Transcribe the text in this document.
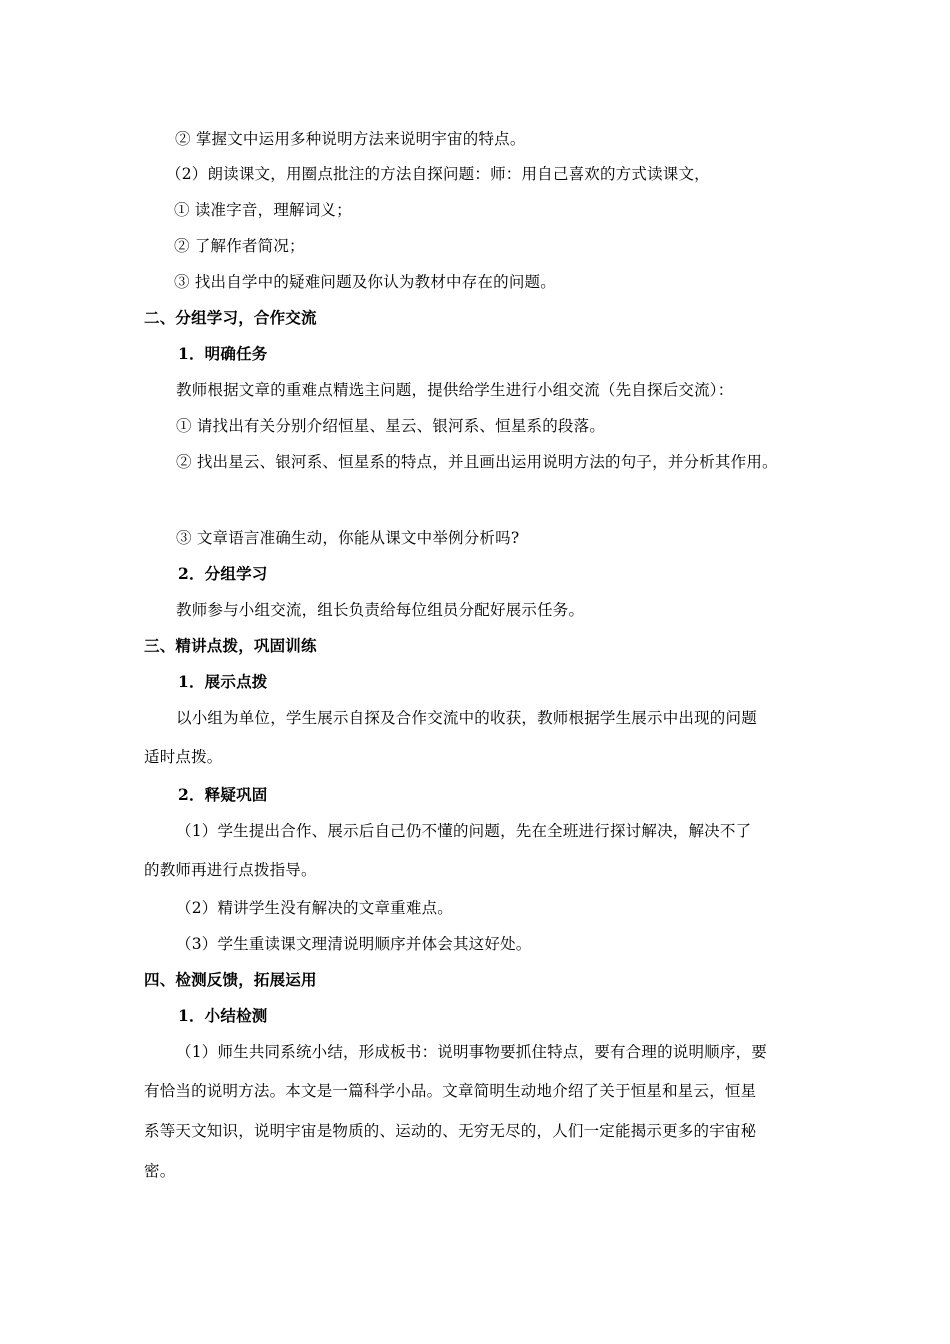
② 掌握文中运用多种说明方法来说明宇宙的特点。
（2）朗读课文，用圈点批注的方法自探问题：师：用自己喜欢的方式读课文，
① 读准字音，理解词义；
② 了解作者简况；
③ 找出自学中的疑难问题及你认为教材中存在的问题。
二、分组学习，合作交流
1．明确任务
教师根据文章的重难点精选主问题，提供给学生进行小组交流（先自探后交流）：
① 请找出有关分别介绍恒星、星云、银河系、恒星系的段落。
② 找出星云、银河系、恒星系的特点，并且画出运用说明方法的句子，并分析其作用。
③ 文章语言准确生动，你能从课文中举例分析吗?
2．分组学习
教师参与小组交流，组长负责给每位组员分配好展示任务。
三、精讲点拨，巩固训练
1．展示点拨
以小组为单位，学生展示自探及合作交流中的收获，教师根据学生展示中出现的问题
适时点拨。
2．释疑巩固
（1）学生提出合作、展示后自己仍不懂的问题，先在全班进行探讨解决，解决不了
的教师再进行点拨指导。
（2）精讲学生没有解决的文章重难点。
（3）学生重读课文理清说明顺序并体会其这好处。
四、检测反馈，拓展运用
1．小结检测
（1）师生共同系统小结，形成板书：说明事物要抓住特点，要有合理的说明顺序，要
有恰当的说明方法。本文是一篇科学小品。文章简明生动地介绍了关于恒星和星云，恒星
系等天文知识，说明宇宙是物质的、运动的、无穷无尽的，人们一定能揭示更多的宇宙秘
密。
